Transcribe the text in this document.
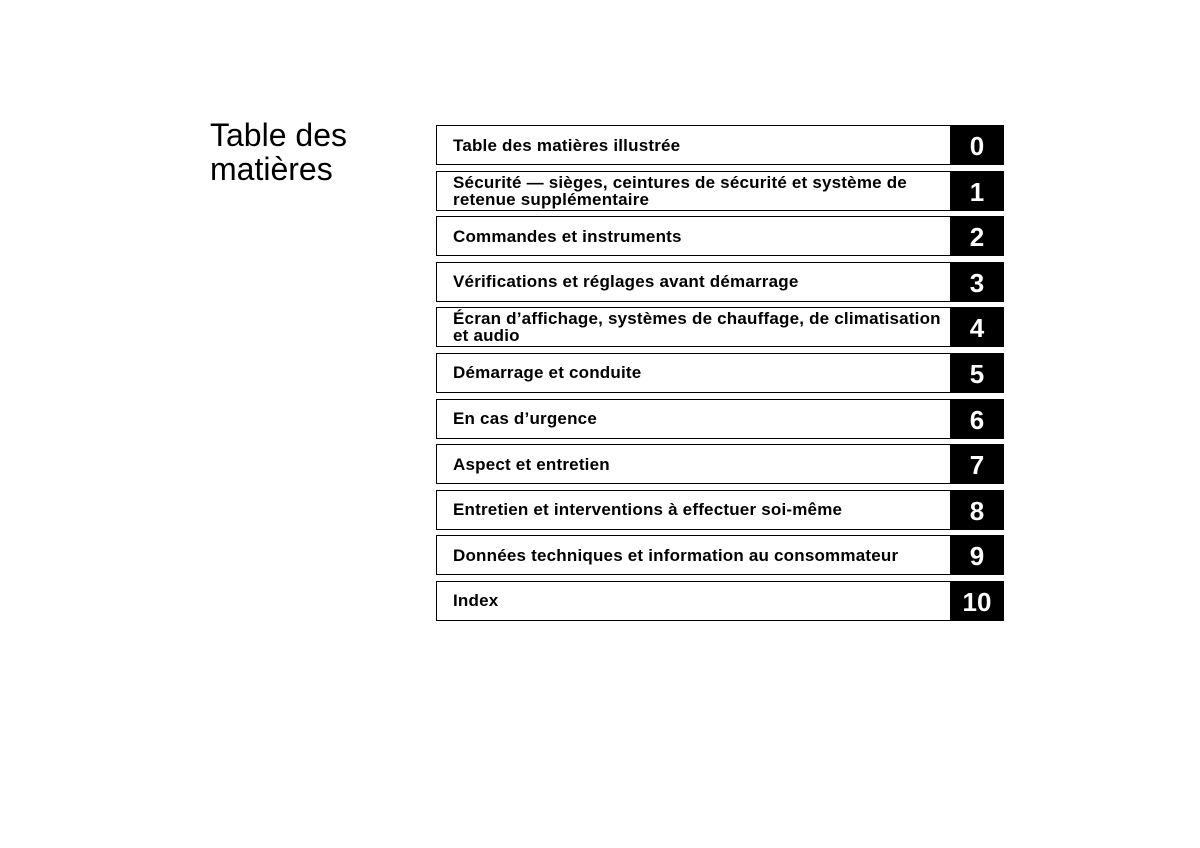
Table des matières
Table des matières illustrée	0
Sécurité — sièges, ceintures de sécurité et système de retenue supplémentaire	1
Commandes et instruments	2
Vérifications et réglages avant démarrage	3
Écran d’affichage, systèmes de chauffage, de climatisation et audio	4
Démarrage et conduite	5
En cas d’urgence	6
Aspect et entretien	7
Entretien et interventions à effectuer soi-même	8
Données techniques et information au consommateur	9
Index	10
